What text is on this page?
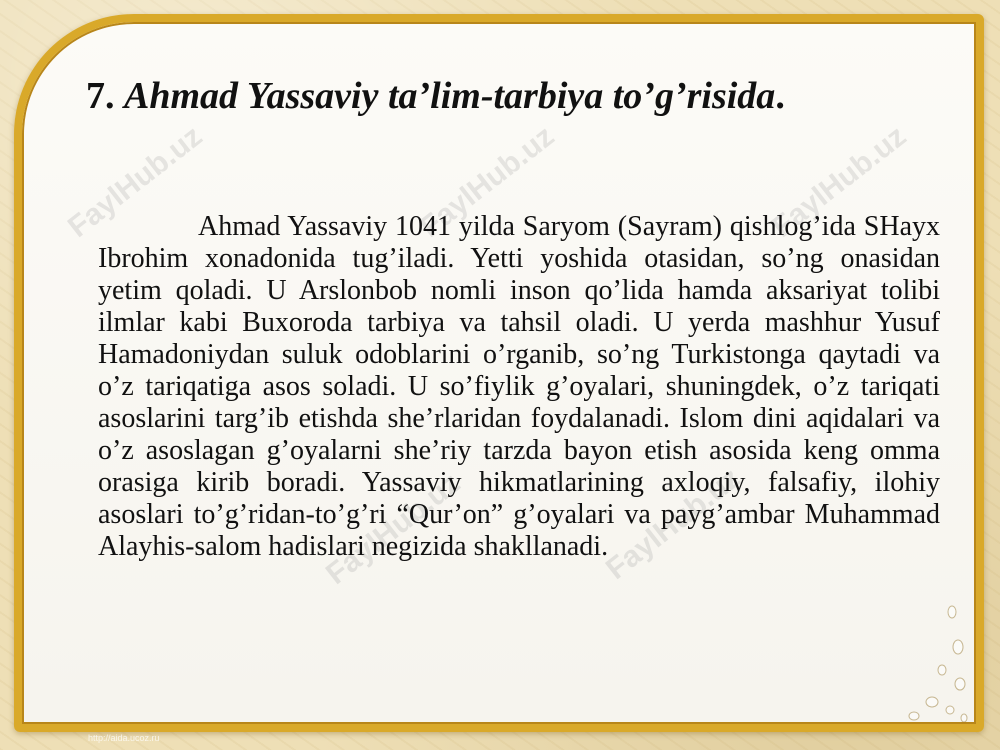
FaylHub.uz	FaylHub.uz	FaylHub.uz
FaylHub.uz	FaylHub.uz
7. Ahmad Yassaviy ta’lim-tarbiya to’g’risida.

Ahmad Yassaviy 1041 yilda Saryom (Sayram) qishlog’ida SHayx Ibrohim xonadonida tug’iladi. Yetti yoshida otasidan, so’ng onasidan yetim qoladi. U Arslonbob nomli inson qo’lida hamda aksariyat tolibi ilmlar kabi Buxoroda tarbiya va tahsil oladi. U yerda mashhur Yusuf Hamadoniydan suluk odoblarini o’rganib, so’ng Turkistonga qaytadi va o’z tariqatiga asos soladi. U so’fiylik g’oyalari, shuningdek, o’z tariqati asoslarini targ’ib etishda she’rlaridan foydalanadi. Islom dini aqidalari va o’z asoslagan g’oyalarni she’riy tarzda bayon etish asosida keng omma orasiga kirib boradi. Yassaviy hikmatlarining axloqiy, falsafiy, ilohiy asoslari to’g’ridan-to’g’ri “Qur’on” g’oyalari va payg’ambar Muhammad Alayhis-salom hadislari negizida shakllanadi.

http://aida.ucoz.ru
